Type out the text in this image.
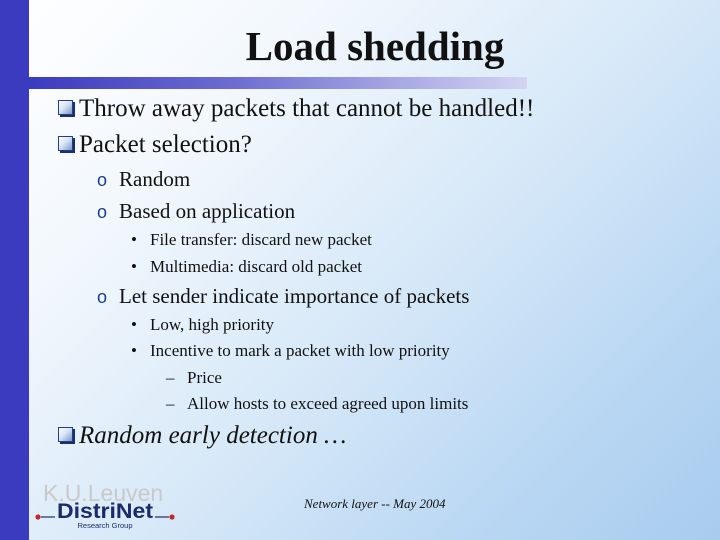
Load shedding
Throw away packets that cannot be handled!!
Packet selection?
o Random
o Based on application
• File transfer: discard new packet
• Multimedia: discard old packet
o Let sender indicate importance of packets
• Low, high priority
• Incentive to mark a packet with low priority
– Price
– Allow hosts to exceed agreed upon limits
Random early detection …
K.U.Leuven
DistriNet
Research Group
Network layer -- May 2004
